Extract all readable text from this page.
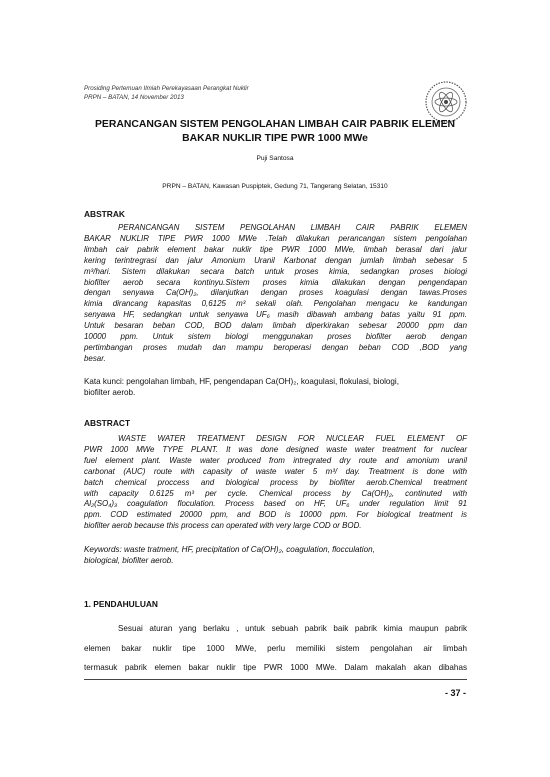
Prosiding Pertemuan Ilmiah Perekayasaan Perangkat Nuklir
PRPN – BATAN, 14 November 2013
PERANCANGAN SISTEM PENGOLAHAN LIMBAH CAIR PABRIK ELEMEN
BAKAR NUKLIR TIPE PWR 1000 MWe
Puji Santosa
PRPN – BATAN, Kawasan Puspiptek, Gedung 71, Tangerang Selatan, 15310
ABSTRAK
PERANCANGAN SISTEM PENGOLAHAN LIMBAH CAIR PABRIK ELEMEN
BAKAR NUKLIR TIPE PWR 1000 MWe .Telah dilakukan perancangan sistem pengolahan
limbah cair pabrik element bakar nuklir tipe PWR 1000 MWe, limbah berasal dari jalur
kering terintregrasi dan jalur Amonium Uranil Karbonat dengan jumlah limbah sebesar 5
m³/hari. Sistem dilakukan secara batch untuk proses kimia, sedangkan proses biologi
biofilter aerob secara kontinyu.Sistem proses kimia dilakukan dengan pengendapan
dengan senyawa Ca(OH)₂, dilanjutkan dengan proses koagulasi dengan tawas.Proses
kimia dirancang kapasitas 0,6125 m³ sekali olah. Pengolahan mengacu ke kandungan
senyawa HF, sedangkan untuk senyawa UF₆ masih dibawah ambang batas yaitu 91 ppm.
Untuk besaran beban COD, BOD dalam limbah diperkirakan sebesar 20000 ppm dan
10000 ppm. Untuk sistem biologi menggunakan proses biofilter aerob dengan
pertimbangan proses mudah dan mampu beroperasi dengan beban COD ,BOD yang
besar.
Kata kunci: pengolahan limbah, HF, pengendapan Ca(OH)₂, koagulasi, flokulasi, biologi,
biofilter aerob.
ABSTRACT
WASTE WATER TREATMENT DESIGN FOR NUCLEAR FUEL ELEMENT OF
PWR 1000 MWe TYPE PLANT. It was done designed waste water treatment for nuclear
fuel element plant. Waste water produced from intregrated dry route and amonium uranil
carbonat (AUC) route with capasity of waste water 5 m³/ day. Treatment is done with
batch chemical proccess and biological process by biofilter aerob.Chemical treatment
with capacity 0.6125 m³ per cycle. Chemical process by Ca(OH)₂, continuted with
Al₂(SO₄)₃ coagulation floculation. Process based on HF, UF₆ under regulation limit 91
ppm. COD estimated 20000 ppm, and BOD is 10000 ppm. For biological treatment is
biofilter aerob because this process can operated with very large COD or BOD.
Keywords: waste tratment, HF, precipitation of Ca(OH)₂, coagulation, flocculation,
biological, biofilter aerob.
1. PENDAHULUAN
Sesuai aturan yang berlaku , untuk sebuah pabrik baik pabrik kimia maupun pabrik
elemen bakar nuklir tipe 1000 MWe, perlu memiliki sistem pengolahan air limbah
termasuk pabrik elemen bakar nuklir tipe PWR 1000 MWe. Dalam makalah akan dibahas
- 37 -
